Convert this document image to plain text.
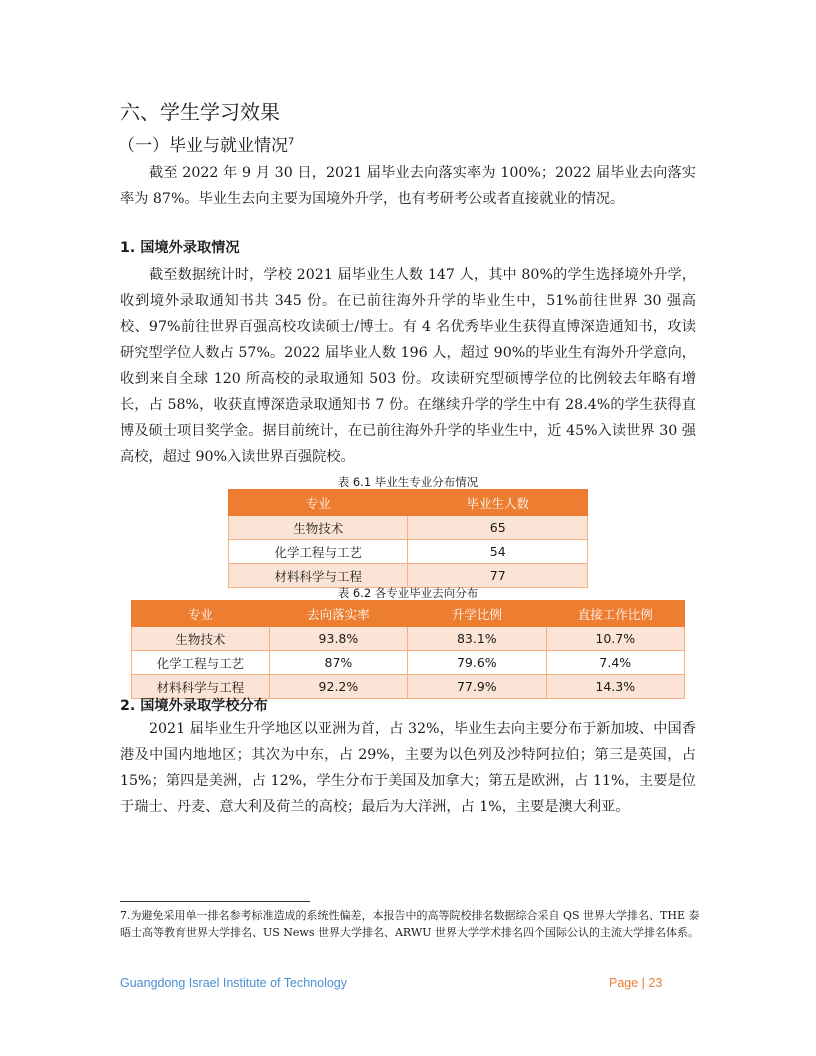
六、学生学习效果
（一）毕业与就业情况$^7$

截至 2022 年 9 月 30 日，2021 届毕业去向落实率为 100%；2022 届毕业去向落实率为 87%。毕业生去向主要为国境外升学，也有考研考公或者直接就业的情况。

1. 国境外录取情况

截至数据统计时，学校 2021 届毕业生人数 147 人，其中 80%的学生选择境外升学，收到境外录取通知书共 345 份。在已前往海外升学的毕业生中，51%前往世界 30 强高校、97%前往世界百强高校攻读硕士/博士。有 4 名优秀毕业生获得直博深造通知书，攻读研究型学位人数占 57%。2022 届毕业人数 196 人，超过 90%的毕业生有海外升学意向，收到来自全球 120 所高校的录取通知 503 份。攻读研究型硕博学位的比例较去年略有增长，占 58%，收获直博深造录取通知书 7 份。在继续升学的学生中有 28.4%的学生获得直博及硕士项目奖学金。据目前统计，在已前往海外升学的毕业生中，近 45%入读世界 30 强高校，超过 90%入读世界百强院校。

表 6.1 毕业生专业分布情况
专业	毕业生人数
生物技术	65
化学工程与工艺	54
材料科学与工程	77
表 6.2 各专业毕业去向分布
专业	去向落实率	升学比例	直接工作比例
生物技术	93.8%	83.1%	10.7%
化学工程与工艺	87%	79.6%	7.4%
材料科学与工程	92.2%	77.9%	14.3%
2. 国境外录取学校分布

2021 届毕业生升学地区以亚洲为首，占 32%，毕业生去向主要分布于新加坡、中国香港及中国内地地区；其次为中东，占 29%，主要为以色列及沙特阿拉伯；第三是英国，占 15%；第四是美洲，占 12%，学生分布于美国及加拿大；第五是欧洲，占 11%，主要是位于瑞士、丹麦、意大利及荷兰的高校；最后为大洋洲，占 1%，主要是澳大利亚。

7.为避免采用单一排名参考标准造成的系统性偏差，本报告中的高等院校排名数据综合采自 QS 世界大学排名、THE 泰晤士高等教育世界大学排名、US News 世界大学排名、ARWU 世界大学学术排名四个国际公认的主流大学排名体系。
Guangdong Israel Institute of Technology	Page | 23
